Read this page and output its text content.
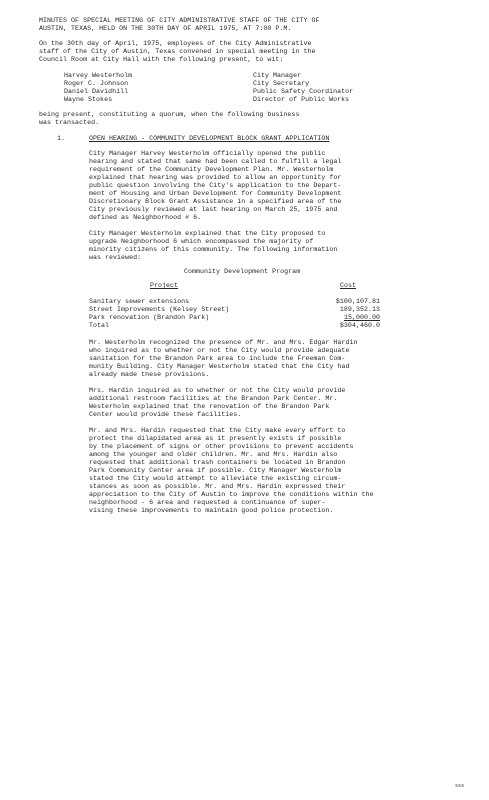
MINUTES OF SPECIAL MEETING OF CITY ADMINISTRATIVE STAFF OF THE CITY OF
AUSTIN, TEXAS, HELD ON THE 30TH DAY OF APRIL 1975, AT 7:00 P.M.
On the 30th day of April, 1975, employees of the City Administrative
staff of the City of Austin, Texas convened in special meeting in the
Council Room at City Hall with the following present, to wit:
Harvey Westerholm	City Manager
Roger C. Johnson	City Secretary
Daniel Davidhill	Public Safety Coordinator
Wayne Stokes	Director of Public Works
being present, constituting a quorum, when the following business
was transacted.
1.	OPEN HEARING - COMMUNITY DEVELOPMENT BLOCK GRANT APPLICATION
City Manager Harvey Westerholm officially opened the public
hearing and stated that same had been called to fulfill a legal
requirement of the Community Development Plan. Mr. Westerholm
explained that hearing was provided to allow an opportunity for
public question involving the City's application to the Depart-
ment of Housing and Urban Development for Community Development
Discretionary Block Grant Assistance in a specified area of the
City previously reviewed at last hearing on March 25, 1975 and
defined as Neighborhood # 6.
City Manager Westerholm explained that the City proposed to
upgrade Neighborhood 6 which encompassed the majority of
minority citizens of this community. The following information
was reviewed:
Community Development Program
Project	Cost
Sanitary sewer extensions	$100,107.81
Street Improvements (Kelsey Street)	189,352.13
Park renovation (Brandon Park)	15,000.00
Total	$304,460.0
Mr. Westerholm recognized the presence of Mr. and Mrs. Edgar Hardin
who inquired as to whether or not the City would provide adequate
sanitation for the Brandon Park area to include the Freeman Com-
munity Building. City Manager Westerholm stated that the City had
already made these provisions.
Mrs. Hardin inquired as to whether or not the City would provide
additional restroom facilities at the Brandon Park Center. Mr.
Westerholm explained that the renovation of the Brandon Park
Center would provide these facilities.
Mr. and Mrs. Hardin requested that the City make every effort to
protect the dilapidated area as it presently exists if possible
by the placement of signs or other provisions to prevent accidents
among the younger and older children. Mr. and Mrs. Hardin also
requested that additional trash containers be located in Brandon
Park Community Center area if possible. City Manager Westerholm
stated the City would attempt to alleviate the existing circum-
stances as soon as possible. Mr. and Mrs. Hardin expressed their
appreciation to the City of Austin to improve the conditions within the
neighborhood - 6 area and requested a continuance of super-
vising these improvements to maintain good police protection.
sss
